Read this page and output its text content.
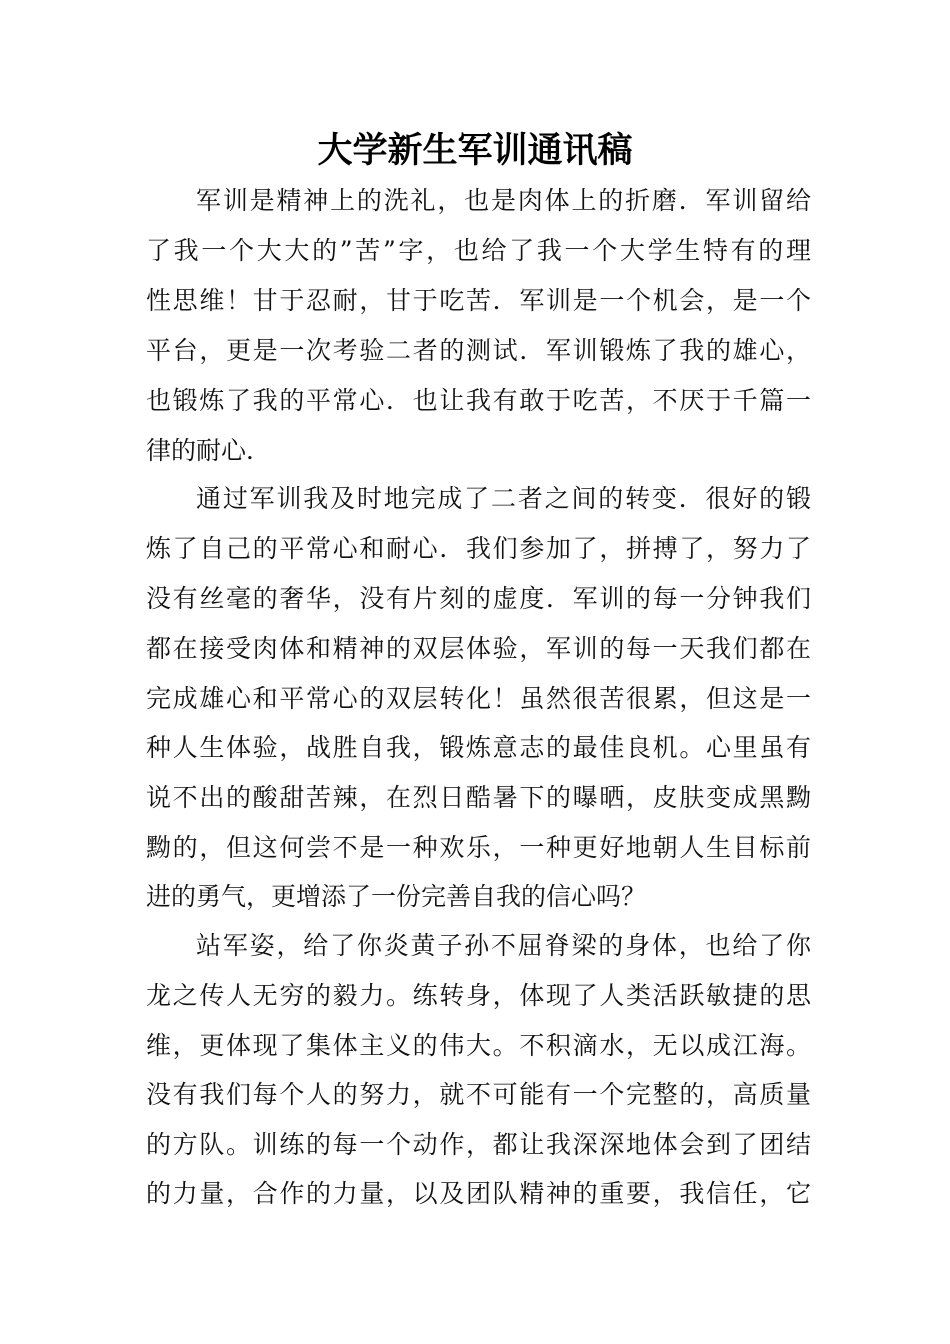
大学新生军训通讯稿
军训是精神上的洗礼，也是肉体上的折磨．军训留给
了我一个大大的”苦”字，也给了我一个大学生特有的理
性思维！甘于忍耐，甘于吃苦．军训是一个机会，是一个
平台，更是一次考验二者的测试．军训锻炼了我的雄心，
也锻炼了我的平常心．也让我有敢于吃苦，不厌于千篇一
律的耐心．
通过军训我及时地完成了二者之间的转变．很好的锻
炼了自己的平常心和耐心．我们参加了，拼搏了，努力了
没有丝毫的奢华，没有片刻的虚度．军训的每一分钟我们
都在接受肉体和精神的双层体验，军训的每一天我们都在
完成雄心和平常心的双层转化！虽然很苦很累，但这是一
种人生体验，战胜自我，锻炼意志的最佳良机。心里虽有
说不出的酸甜苦辣，在烈日酷暑下的曝晒，皮肤变成黑黝
黝的，但这何尝不是一种欢乐，一种更好地朝人生目标前
进的勇气，更增添了一份完善自我的信心吗？
站军姿，给了你炎黄子孙不屈脊梁的身体，也给了你
龙之传人无穷的毅力。练转身，体现了人类活跃敏捷的思
维，更体现了集体主义的伟大。不积滴水，无以成江海。
没有我们每个人的努力，就不可能有一个完整的，高质量
的方队。训练的每一个动作，都让我深深地体会到了团结
的力量，合作的力量，以及团队精神的重要，我信任，它
